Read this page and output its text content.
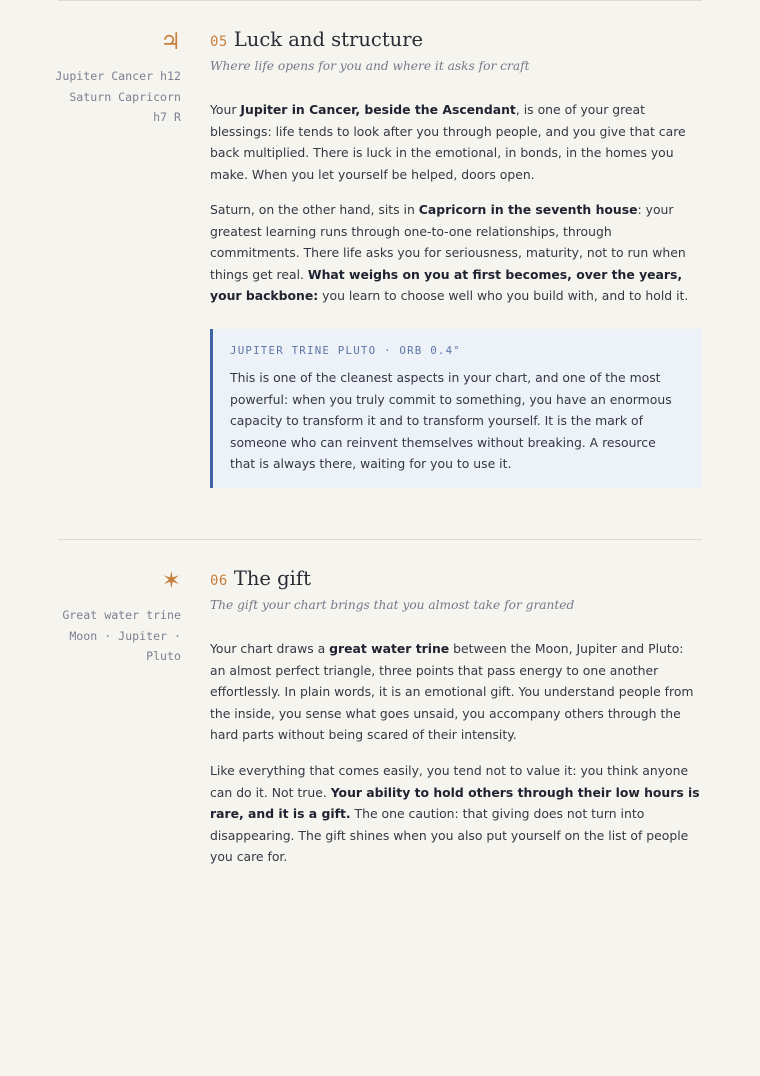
♃
Jupiter Cancer h12
Saturn Capricorn
h7 R
05 Luck and structure
Where life opens for you and where it asks for craft

Your Jupiter in Cancer, beside the Ascendant, is one of your great blessings: life tends to look after you through people, and you give that care back multiplied. There is luck in the emotional, in bonds, in the homes you make. When you let yourself be helped, doors open.

Saturn, on the other hand, sits in Capricorn in the seventh house: your greatest learning runs through one-to-one relationships, through commitments. There life asks you for seriousness, maturity, not to run when things get real. What weighs on you at first becomes, over the years, your backbone: you learn to choose well who you build with, and to hold it.

JUPITER TRINE PLUTO · ORB 0.4°

This is one of the cleanest aspects in your chart, and one of the most powerful: when you truly commit to something, you have an enormous capacity to transform it and to transform yourself. It is the mark of someone who can reinvent themselves without breaking. A resource that is always there, waiting for you to use it.

✶
Great water trine
Moon · Jupiter ·
Pluto
06 The gift
The gift your chart brings that you almost take for granted

Your chart draws a great water trine between the Moon, Jupiter and Pluto: an almost perfect triangle, three points that pass energy to one another effortlessly. In plain words, it is an emotional gift. You understand people from the inside, you sense what goes unsaid, you accompany others through the hard parts without being scared of their intensity.

Like everything that comes easily, you tend not to value it: you think anyone can do it. Not true. Your ability to hold others through their low hours is rare, and it is a gift. The one caution: that giving does not turn into disappearing. The gift shines when you also put yourself on the list of people you care for.
